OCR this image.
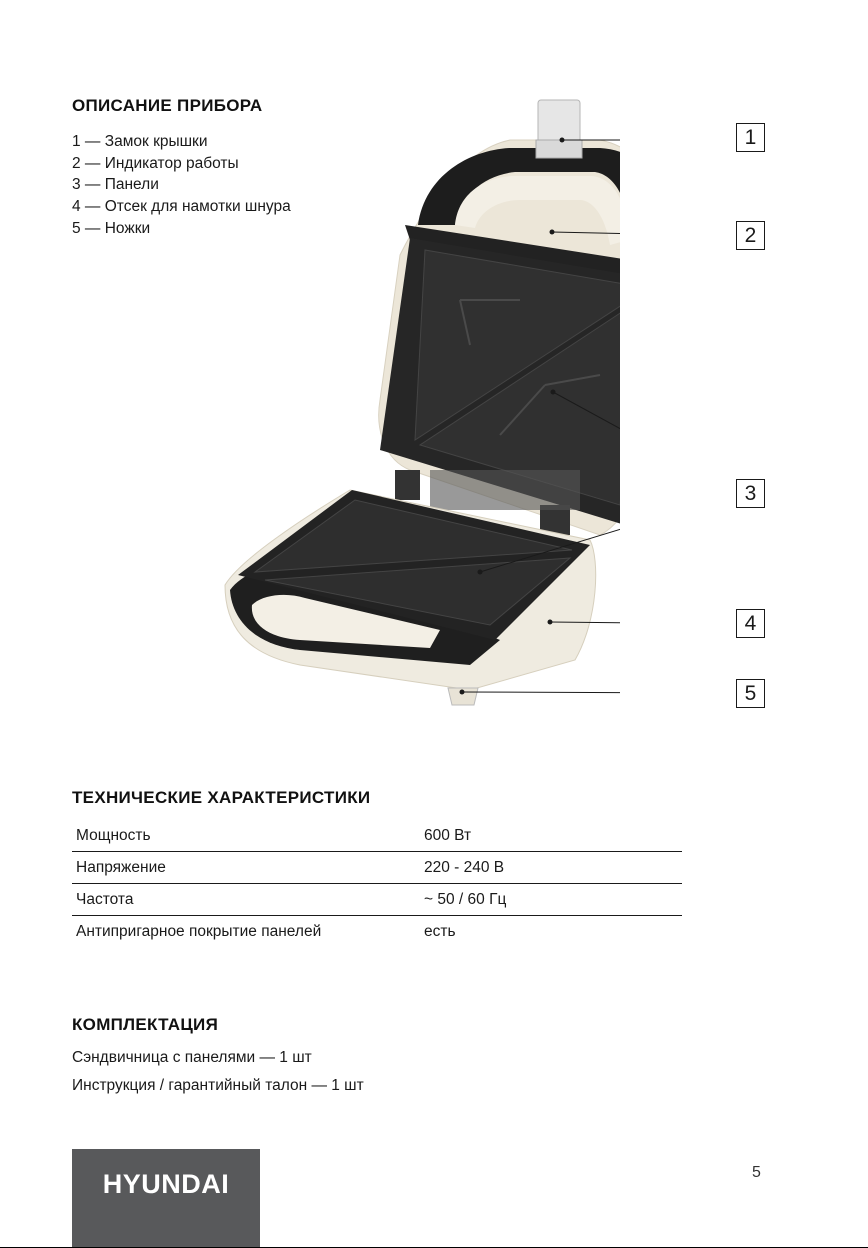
ОПИСАНИЕ ПРИБОРА
1 — Замок крышки
2 — Индикатор работы
3 — Панели
4 — Отсек для намотки шнура
5 — Ножки
1
2
3
4
5
ТЕХНИЧЕСКИЕ ХАРАКТЕРИСТИКИ
Мощность	600 Вт
Напряжение	220 - 240 В
Частота	~ 50 / 60 Гц
Антипригарное покрытие панелей	есть
КОМПЛЕКТАЦИЯ
Сэндвичница с панелями — 1 шт
Инструкция / гарантийный талон — 1 шт
HYUNDAI	5
